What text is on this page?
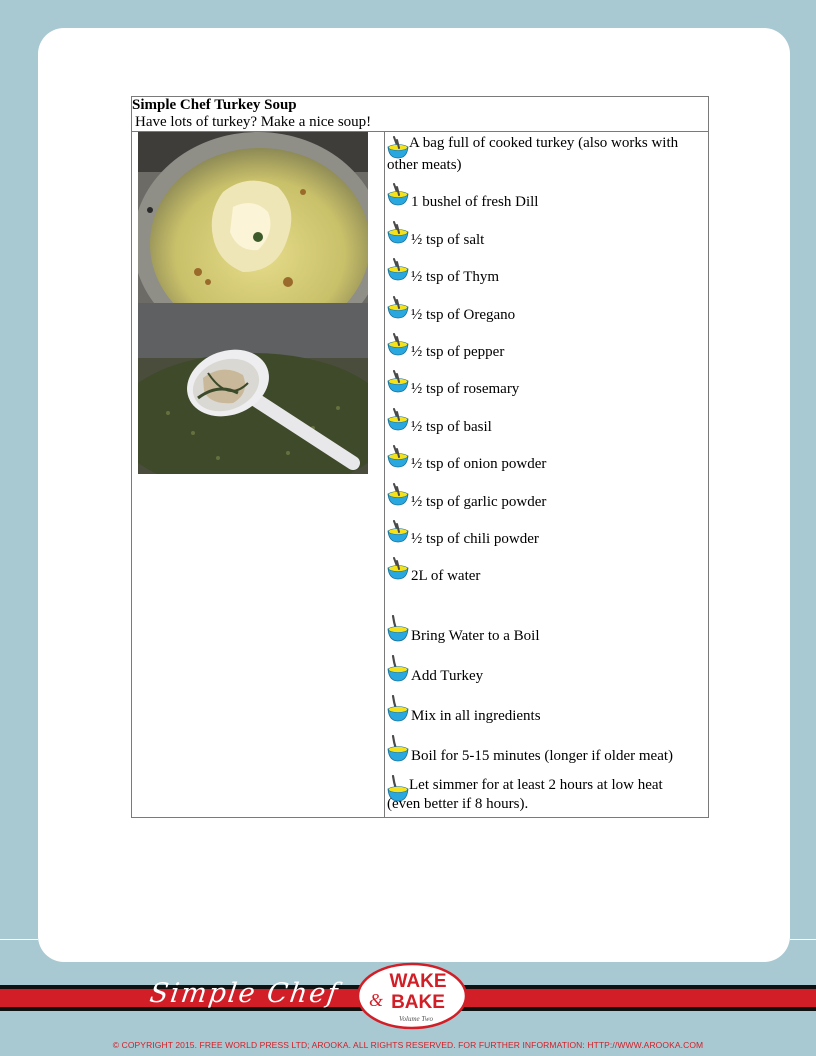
Simple Chef Turkey Soup
Have lots of turkey? Make a nice soup!

A bag full of cooked turkey (also works with
other meats)
1 bushel of fresh Dill
½ tsp of salt
½ tsp of Thym
½ tsp of Oregano
½ tsp of pepper
½ tsp of rosemary
½ tsp of basil
½ tsp of onion powder
½ tsp of garlic powder
½ tsp of chili powder
2L of water
Bring Water to a Boil
Add Turkey
Mix in all ingredients
Boil for 5-15 minutes (longer if older meat)
Let simmer for at least 2 hours at low heat
(even better if 8 hours).
Simple Chef	WAKE
& BAKE
Volume Two
© COPYRIGHT 2015. FREE WORLD PRESS LTD; AROOKA. ALL RIGHTS RESERVED. FOR FURTHER INFORMATION: HTTP://WWW.AROOKA.COM
